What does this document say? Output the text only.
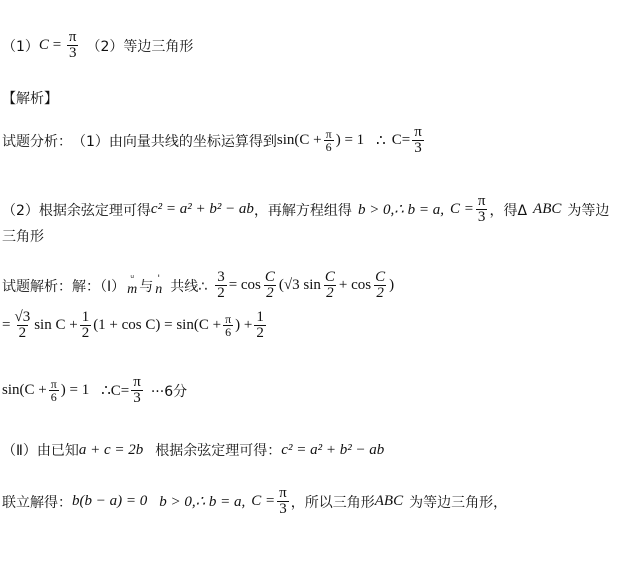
（1） $C = \frac{\pi}{3} (2)$ 等边三角形
【解析】
试题分析： （1）由向量共线的坐标运算得到 $\sin(C + \frac{\pi}{6}$ ) = 1 ∴ $C= \frac{\pi}{3}$
（2）根据余弦定理可得 c² = a² + b² − ab ，再解方程组得 b > 0,∴ b = a, $C = \frac{\pi}{3}$ ，得Δ ABC 为等边
三角形
试题解析：解：（Ⅰ） ᵘ
m 与 '
n 共线∴ $\frac{3}{2} = \cos \frac{C}{2} (√3$ $\sin \frac{C}{2} + \cos \frac{C}{2}$ )
= $\frac{√3}{2}$ $\sin C + \frac{1}{2} (1 + \cos C) = \sin(C + \frac{\pi}{6}$ ) + $\frac{1}{2}$
$\sin(C + \frac{\pi}{6}$ ) = 1 ∴C= $\frac{\pi}{3} \cdot\cdot\cdot 6$分
（Ⅱ）由已知 a + c = 2b 根据余弦定理可得： c² = a² + b² − ab
联立解得： b(b − a) = 0 b > 0,∴ b = a, $C = \frac{\pi}{3}$ ，所以三角形 ABC 为等边三角形，
